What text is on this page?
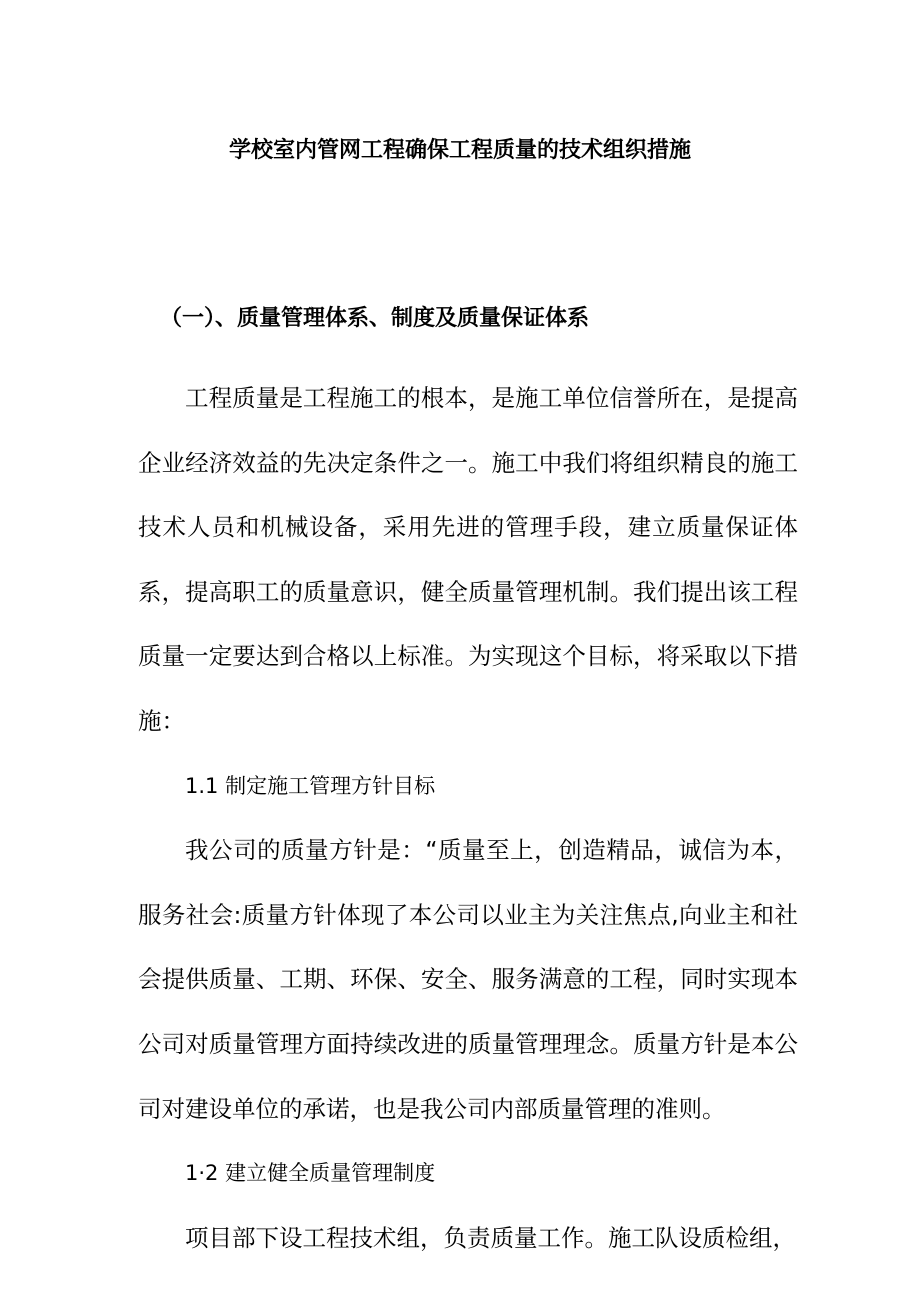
学校室内管网工程确保工程质量的技术组织措施
（一）、质量管理体系、制度及质量保证体系

工程质量是工程施工的根本，是施工单位信誉所在，是提高企业经济效益的先决定条件之一。施工中我们将组织精良的施工技术人员和机械设备，采用先进的管理手段，建立质量保证体系，提高职工的质量意识，健全质量管理机制。我们提出该工程质量一定要达到合格以上标准。为实现这个目标，将采取以下措施：

1.1 制定施工管理方针目标

我公司的质量方针是：“质量至上，创造精品，诚信为本，服务社会:质量方针体现了本公司以业主为关注焦点,向业主和社会提供质量、工期、环保、安全、服务满意的工程，同时实现本公司对质量管理方面持续改进的质量管理理念。质量方针是本公司对建设单位的承诺，也是我公司内部质量管理的准则。

1·2 建立健全质量管理制度

项目部下设工程技术组，负责质量工作。施工队设质检组，
